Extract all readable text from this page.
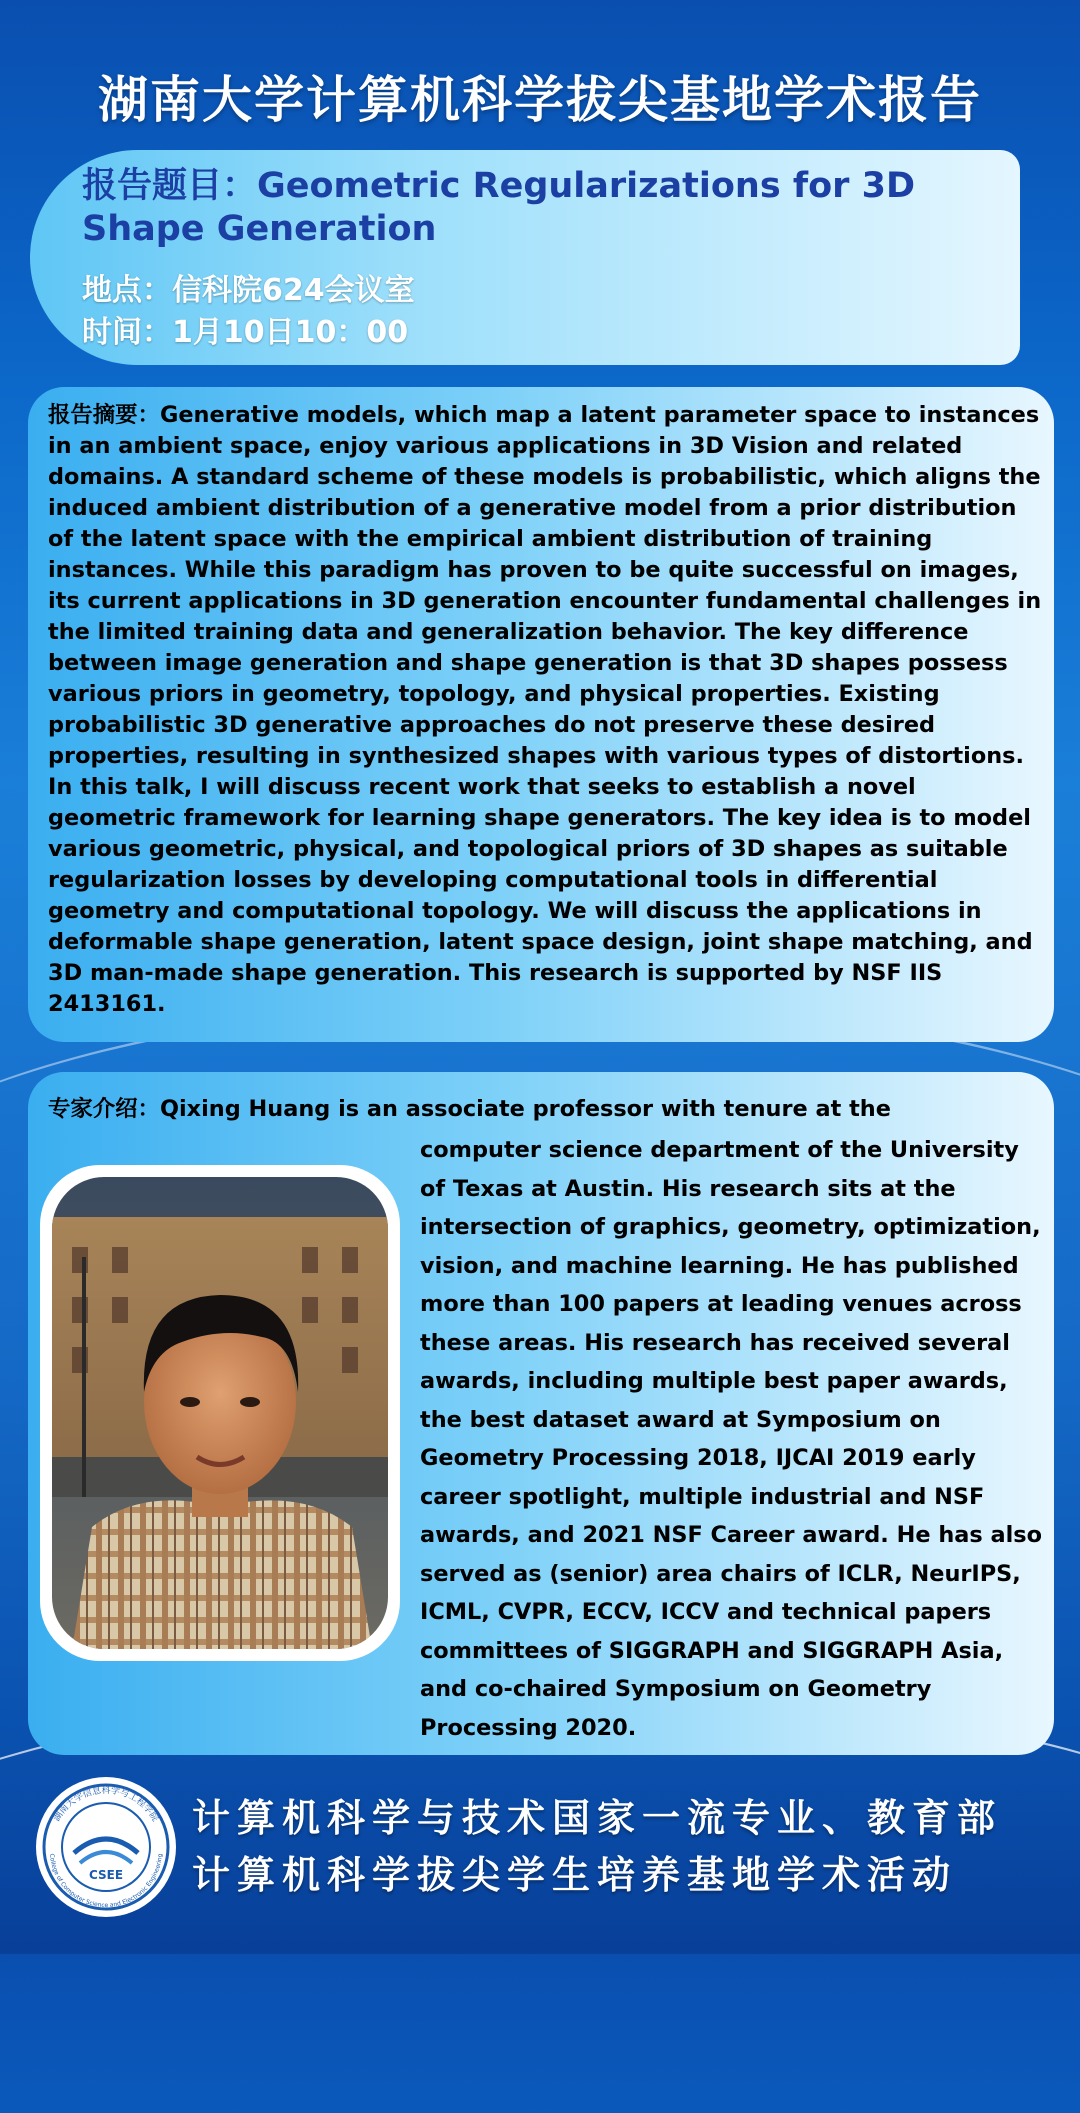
湖南大学计算机科学拔尖基地学术报告
报告题目：Geometric Regularizations for 3D Shape Generation
地点：信科院624会议室
时间：1月10日10：00
报告摘要：Generative models, which map a latent parameter space to instances in an ambient space, enjoy various applications in 3D Vision and related domains. A standard scheme of these models is probabilistic, which aligns the induced ambient distribution of a generative model from a prior distribution of the latent space with the empirical ambient distribution of training instances. While this paradigm has proven to be quite successful on images, its current applications in 3D generation encounter fundamental challenges in the limited training data and generalization behavior. The key difference between image generation and shape generation is that 3D shapes possess various priors in geometry, topology, and physical properties. Existing probabilistic 3D generative approaches do not preserve these desired properties, resulting in synthesized shapes with various types of distortions. In this talk, I will discuss recent work that seeks to establish a novel geometric framework for learning shape generators. The key idea is to model various geometric, physical, and topological priors of 3D shapes as suitable regularization losses by developing computational tools in differential geometry and computational topology. We will discuss the applications in deformable shape generation, latent space design, joint shape matching, and 3D man-made shape generation. This research is supported by NSF IIS 2413161.
专家介绍：Qixing Huang is an associate professor with tenure at the
computer science department of the University of Texas at Austin. His research sits at the intersection of graphics, geometry, optimization, vision, and machine learning. He has published more than 100 papers at leading venues across these areas. His research has received several awards, including multiple best paper awards, the best dataset award at Symposium on Geometry Processing 2018, IJCAI 2019 early career spotlight, multiple industrial and NSF awards, and 2021 NSF Career award. He has also served as (senior) area chairs of ICLR, NeurIPS, ICML, CVPR, ECCV, ICCV and technical papers committees of SIGGRAPH and SIGGRAPH Asia, and co-chaired Symposium on Geometry Processing 2020.
CSEE
湖南大学信息科学与工程学院
College of Computer Science and Electronic Engineering
计算机科学与技术国家一流专业、教育部
计算机科学拔尖学生培养基地学术活动
